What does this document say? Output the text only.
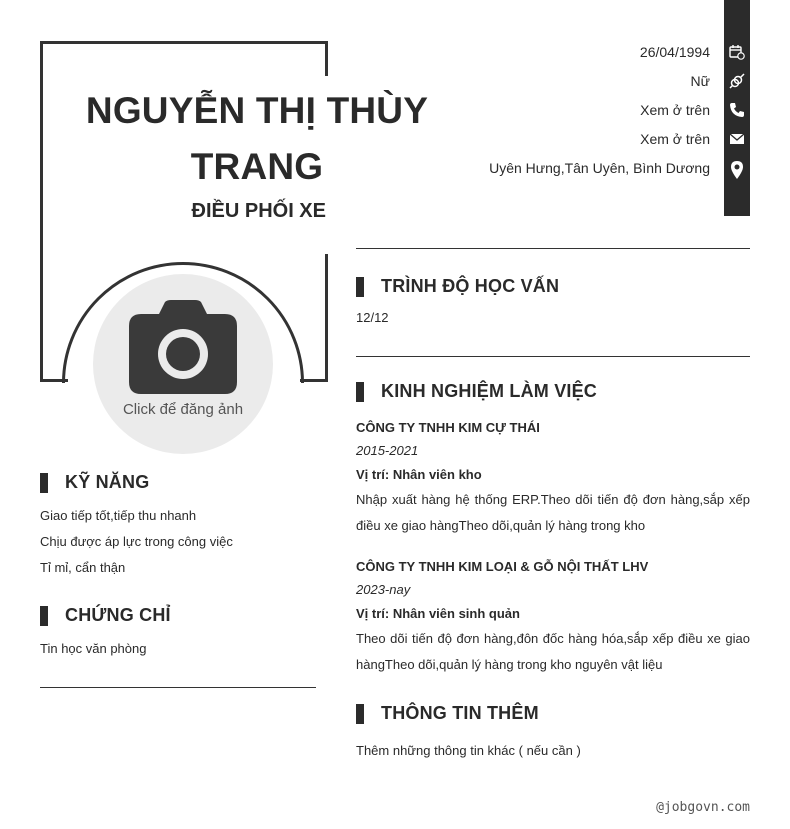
NGUYỄN THỊ THÙY TRANG
ĐIỀU PHỐI XE
Click để đăng ảnh
26/04/1994
Nữ
Xem ở trên
Xem ở trên
Uyên Hưng,Tân Uyên, Bình Dương
KỸ NĂNG
Giao tiếp tốt,tiếp thu nhanh
Chịu được áp lực trong công việc
Tỉ mỉ, cẩn thận
CHỨNG CHỈ
Tin học văn phòng
TRÌNH ĐỘ HỌC VẤN
12/12
KINH NGHIỆM LÀM VIỆC
CÔNG TY TNHH KIM CỰ THÁI
2015-2021
Vị trí: Nhân viên kho
Nhập xuất hàng hệ thống ERP.Theo dõi tiến độ đơn hàng,sắp xếp điều xe giao hàngTheo dõi,quản lý hàng trong kho
CÔNG TY TNHH KIM LOẠI & GỖ NỘI THẤT LHV
2023-nay
Vị trí: Nhân viên sinh quản
Theo dõi tiến độ đơn hàng,đôn đốc hàng hóa,sắp xếp điều xe giao hàngTheo dõi,quản lý hàng trong kho nguyên vật liệu
THÔNG TIN THÊM
Thêm những thông tin khác ( nếu cần )
@jobgovn.com
